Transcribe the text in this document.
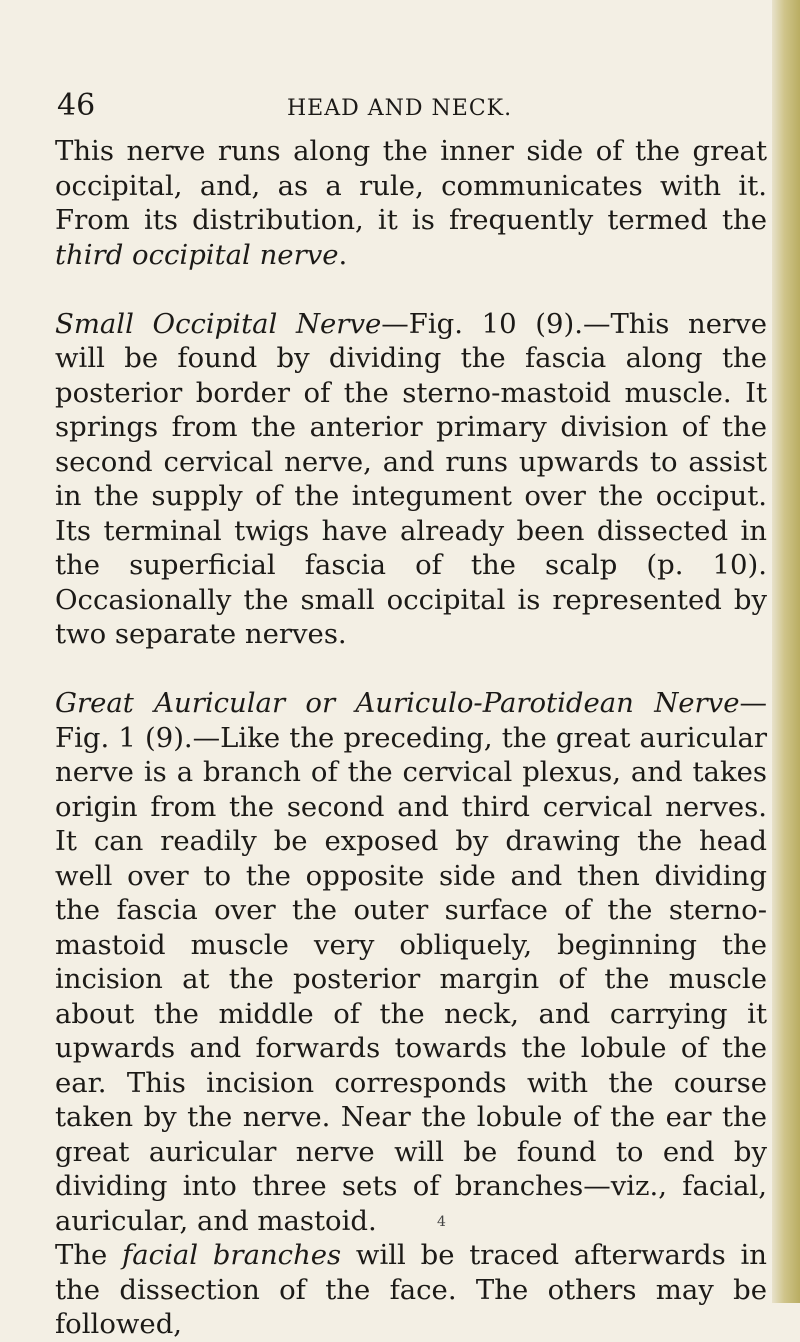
46	HEAD AND NECK.

This nerve runs along the inner side of the great occipital, and, as a rule, communicates with it. From its distribution, it is frequently termed the third occipital nerve.

Small Occipital Nerve—Fig. 10 (9).—This nerve will be found by dividing the fascia along the posterior border of the sterno-mastoid muscle. It springs from the anterior primary division of the second cervical nerve, and runs upwards to assist in the supply of the integument over the occiput. Its terminal twigs have already been dissected in the superficial fascia of the scalp (p. 10). Occasionally the small occipital is represented by two separate nerves.

Great Auricular or Auriculo-Parotidean Nerve—Fig. 1 (9).—Like the preceding, the great auricular nerve is a branch of the cervical plexus, and takes origin from the second and third cervical nerves. It can readily be exposed by drawing the head well over to the opposite side and then dividing the fascia over the outer surface of the sterno-mastoid muscle very obliquely, beginning the incision at the posterior margin of the muscle about the middle of the neck, and carrying it upwards and forwards towards the lobule of the ear. This incision corresponds with the course taken by the nerve. Near the lobule of the ear the great auricular nerve will be found to end by dividing into three sets of branches—viz., facial, auricular, and mastoid.

The facial branches will be traced afterwards in the dissection of the face. The others may be followed,

4
